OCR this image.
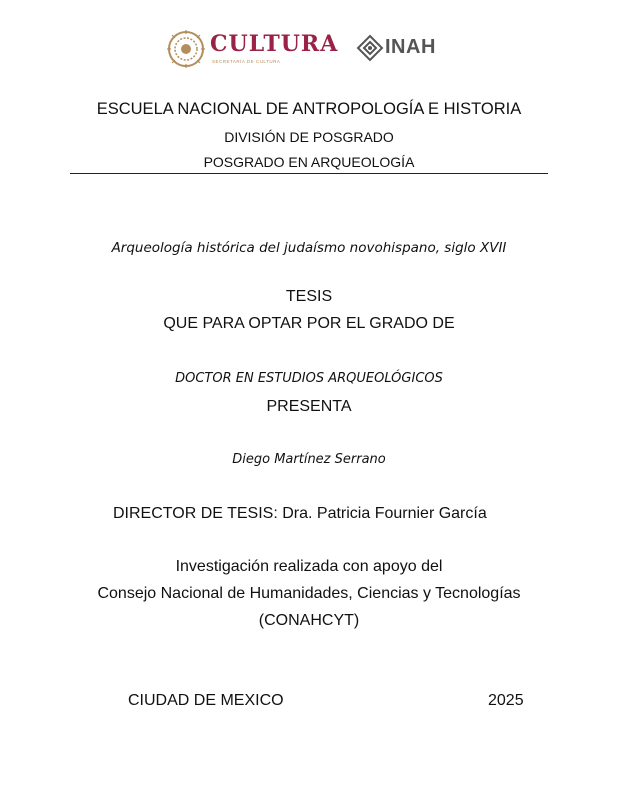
CULTURA
SECRETARÍA DE CULTURA
INAH
ESCUELA NACIONAL DE ANTROPOLOGÍA E HISTORIA
DIVISIÓN DE POSGRADO
POSGRADO EN ARQUEOLOGÍA
Arqueología histórica del judaísmo novohispano, siglo XVII
TESIS
QUE PARA OPTAR POR EL GRADO DE
DOCTOR EN ESTUDIOS ARQUEOLÓGICOS
PRESENTA
Diego Martínez Serrano
DIRECTOR DE TESIS: Dra. Patricia Fournier García
Investigación realizada con apoyo del
Consejo Nacional de Humanidades, Ciencias y Tecnologías
(CONAHCYT)
CIUDAD DE MEXICO	2025
